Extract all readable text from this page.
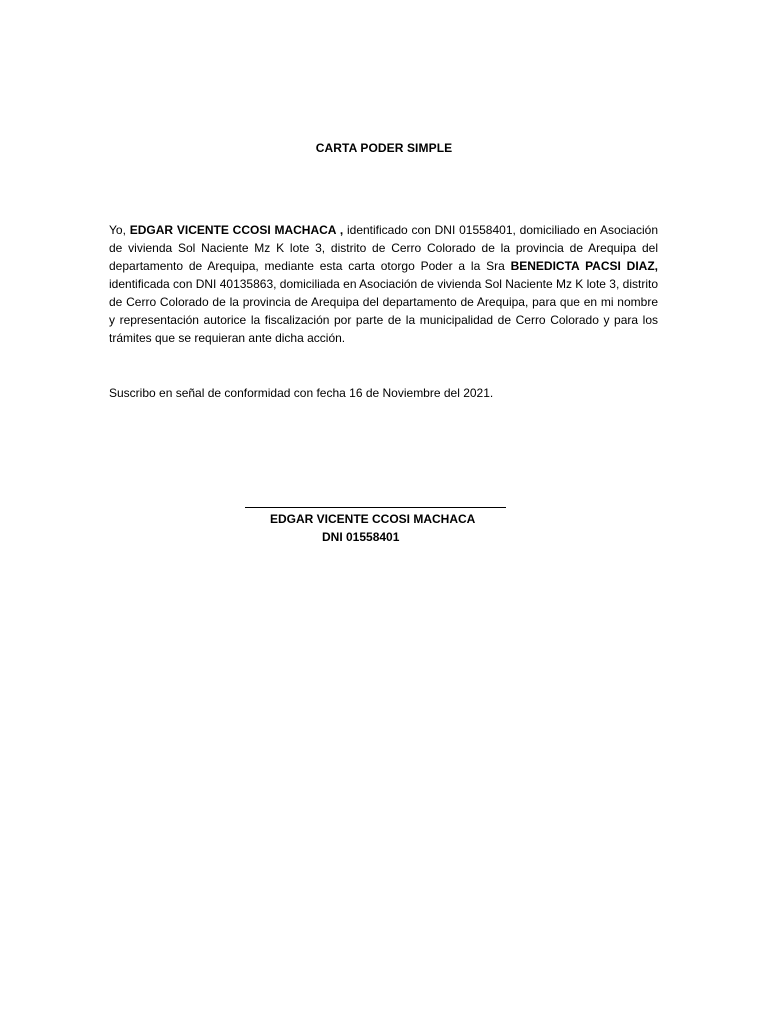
CARTA PODER SIMPLE

Yo, EDGAR VICENTE CCOSI MACHACA , identificado con DNI 01558401, domiciliado en Asociación de vivienda Sol Naciente Mz K lote 3, distrito de Cerro Colorado de la provincia de Arequipa del departamento de Arequipa, mediante esta carta otorgo Poder a la Sra BENEDICTA PACSI DIAZ, identificada con DNI 40135863, domiciliada en Asociación de vivienda Sol Naciente Mz K lote 3, distrito de Cerro Colorado de la provincia de Arequipa del departamento de Arequipa, para que en mi nombre y representación autorice la fiscalización por parte de la municipalidad de Cerro Colorado y para los trámites que se requieran ante dicha acción.

Suscribo en señal de conformidad con fecha 16 de Noviembre del 2021.

EDGAR VICENTE CCOSI MACHACA
DNI 01558401
